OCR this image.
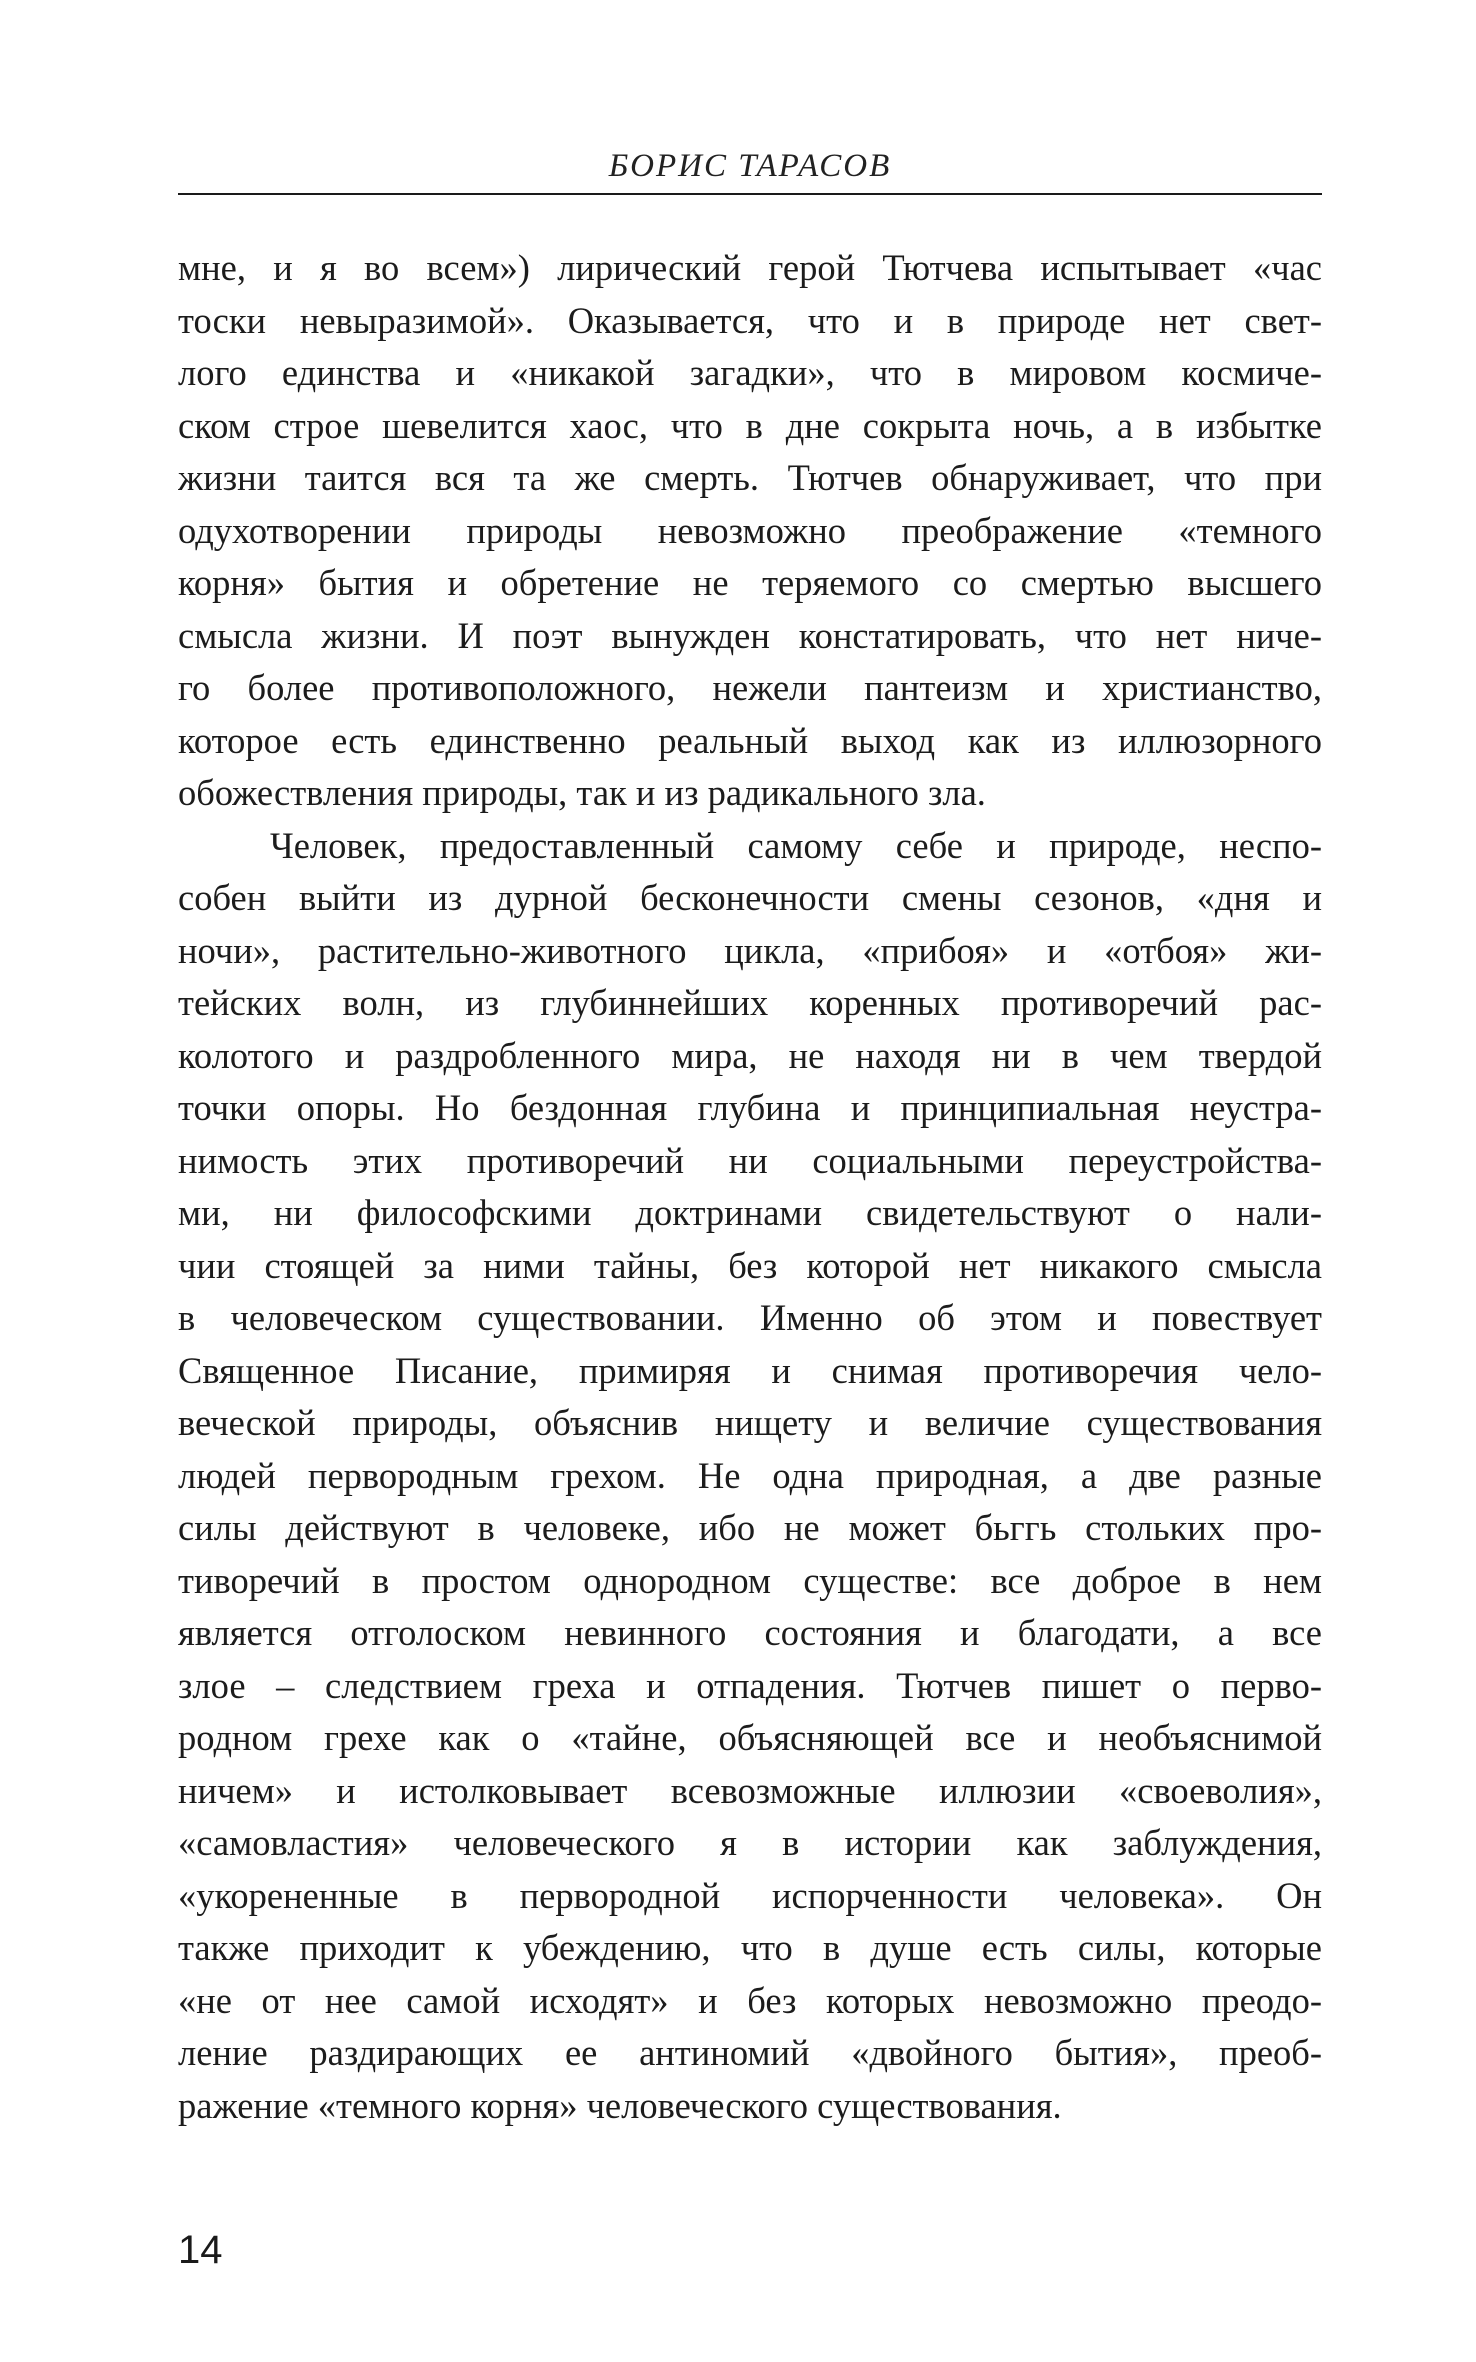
БОРИС ТАРАСОВ
мне, и я во всем») лирический герой Тютчева испытывает «час
тоски невыразимой». Оказывается, что и в природе нет свет-
лого единства и «никакой загадки», что в мировом космиче-
ском строе шевелится хаос, что в дне сокрыта ночь, а в избытке
жизни таится вся та же смерть. Тютчев обнаруживает, что при
одухотворении природы невозможно преображение «темного
корня» бытия и обретение не теряемого со смертью высшего
смысла жизни. И поэт вынужден констатировать, что нет ниче-
го более противоположного, нежели пантеизм и христианство,
которое есть единственно реальный выход как из иллюзорного
обожествления природы, так и из радикального зла.
Человек, предоставленный самому себе и природе, неспо-
собен выйти из дурной бесконечности смены сезонов, «дня и
ночи», растительно-животного цикла, «прибоя» и «отбоя» жи-
тейских волн, из глубиннейших коренных противоречий рас-
колотого и раздробленного мира, не находя ни в чем твердой
точки опоры. Но бездонная глубина и принципиальная неустра-
нимость этих противоречий ни социальными переустройства-
ми, ни философскими доктринами свидетельствуют о нали-
чии стоящей за ними тайны, без которой нет никакого смысла
в человеческом существовании. Именно об этом и повествует
Священное Писание, примиряя и снимая противоречия чело-
веческой природы, объяснив нищету и величие существования
людей первородным грехом. Не одна природная, а две разные
силы действуют в человеке, ибо не может бьггь стольких про-
тиворечий в простом однородном существе: все доброе в нем
является отголоском невинного состояния и благодати, а все
злое – следствием греха и отпадения. Тютчев пишет о перво-
родном грехе как о «тайне, объясняющей все и необъяснимой
ничем» и истолковывает всевозможные иллюзии «своеволия»,
«самовластия» человеческого я в истории как заблуждения,
«укорененные в первородной испорченности человека». Он
также приходит к убеждению, что в душе есть силы, которые
«не от нее самой исходят» и без которых невозможно преодо-
ление раздирающих ее антиномий «двойного бытия», преоб-
ражение «темного корня» человеческого существования.
14
